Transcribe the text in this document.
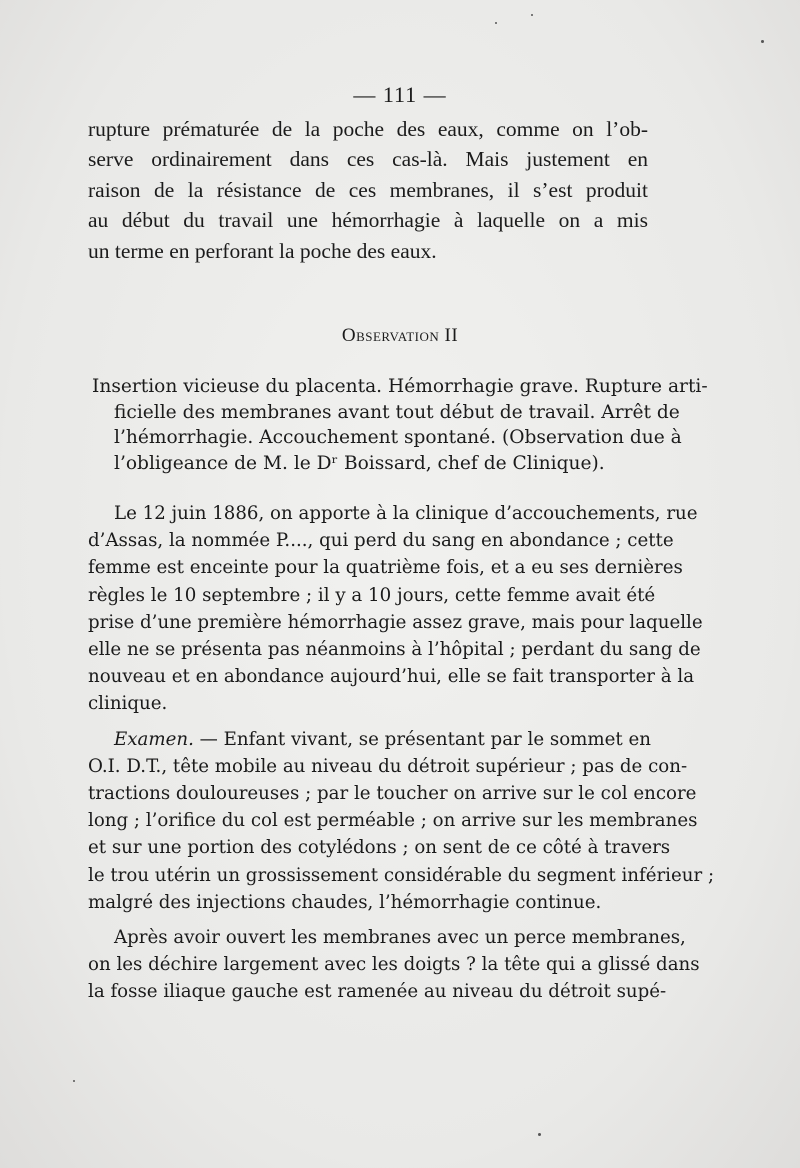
— 111 —
rupture prématurée de la poche des eaux, comme on l’ob-
serve ordinairement dans ces cas-là. Mais justement en
raison de la résistance de ces membranes, il s’est produit
au début du travail une hémorrhagie à laquelle on a mis
un terme en perforant la poche des eaux.
Observation II
Insertion vicieuse du placenta. Hémorrhagie grave. Rupture arti-
ficielle des membranes avant tout début de travail. Arrêt de
l’hémorrhagie. Accouchement spontané. (Observation due à
l’obligeance de M. le Dʳ Boissard, chef de Clinique).
Le 12 juin 1886, on apporte à la clinique d’accouchements, rue
d’Assas, la nommée P...., qui perd du sang en abondance ; cette
femme est enceinte pour la quatrième fois, et a eu ses dernières
règles le 10 septembre ; il y a 10 jours, cette femme avait été
prise d’une première hémorrhagie assez grave, mais pour laquelle
elle ne se présenta pas néanmoins à l’hôpital ; perdant du sang de
nouveau et en abondance aujourd’hui, elle se fait transporter à la
clinique.
Examen. — Enfant vivant, se présentant par le sommet en
O.I. D.T., tête mobile au niveau du détroit supérieur ; pas de con-
tractions douloureuses ; par le toucher on arrive sur le col encore
long ; l’orifice du col est perméable ; on arrive sur les membranes
et sur une portion des cotylédons ; on sent de ce côté à travers
le trou utérin un grossissement considérable du segment inférieur ;
malgré des injections chaudes, l’hémorrhagie continue.
Après avoir ouvert les membranes avec un perce membranes,
on les déchire largement avec les doigts ? la tête qui a glissé dans
la fosse iliaque gauche est ramenée au niveau du détroit supé-
